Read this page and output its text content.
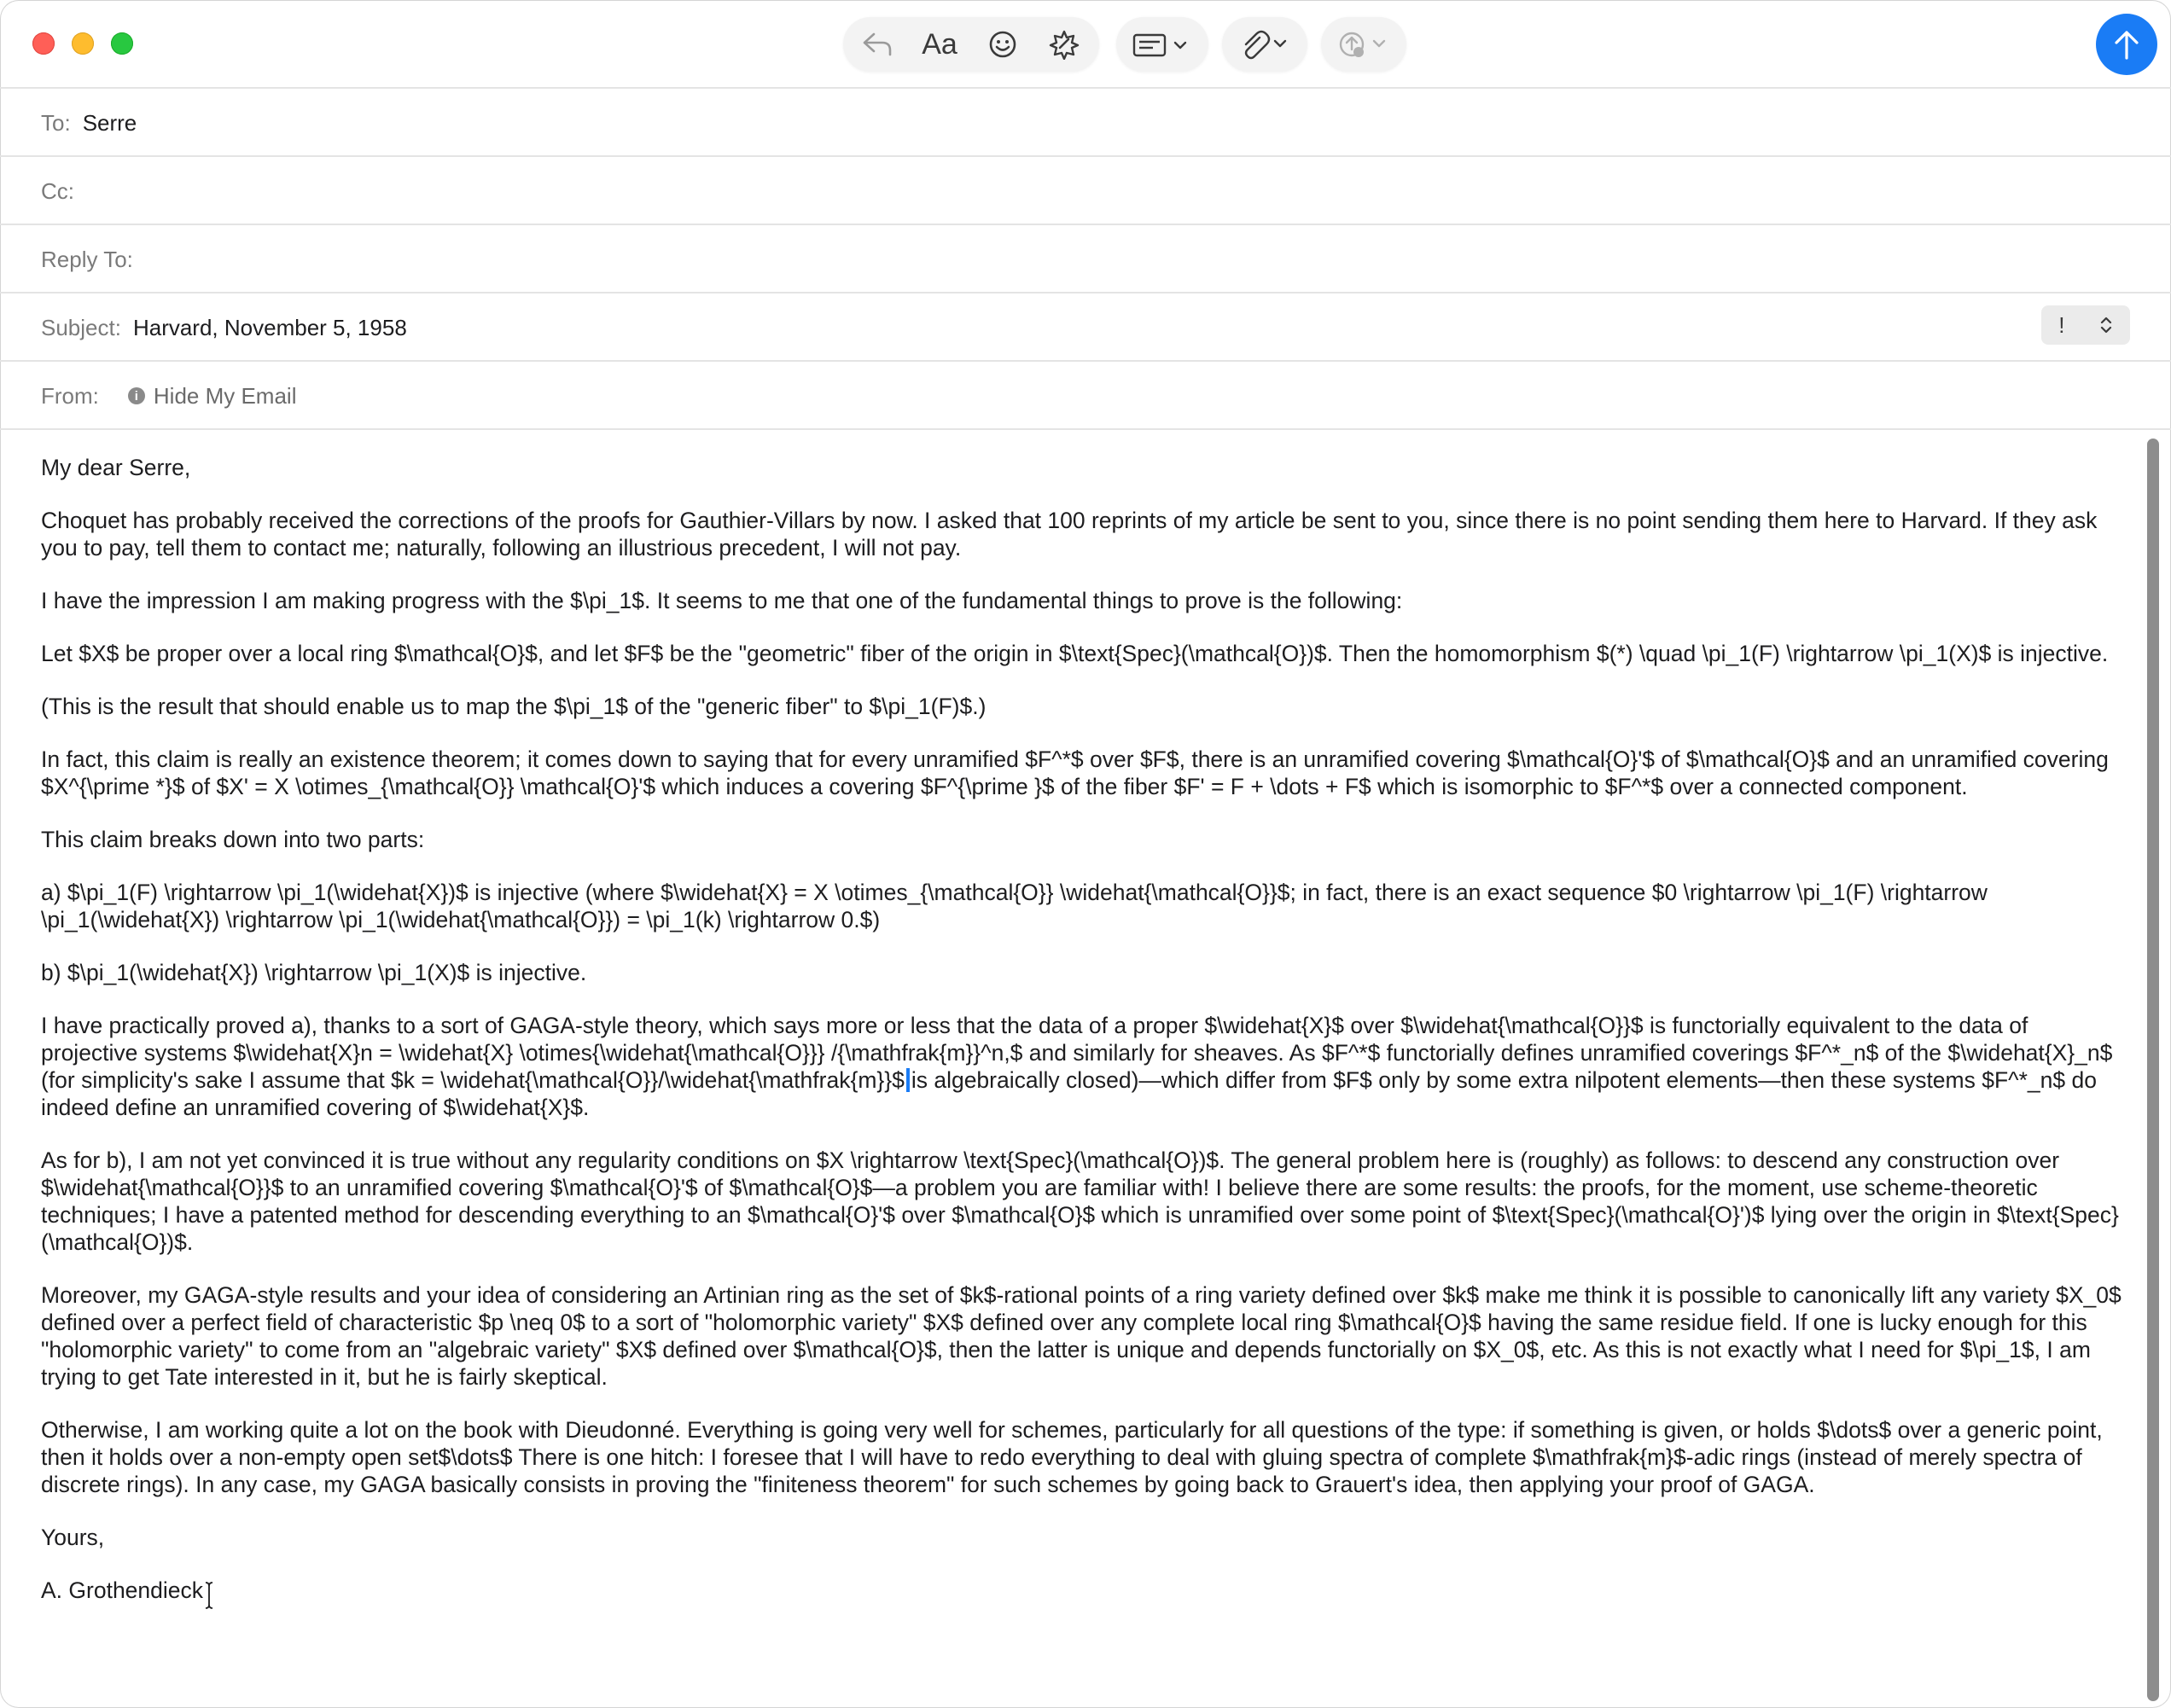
Aa
To: Serre
Cc:
Reply To:
Subject: Harvard, November 5, 1958	!
From:	i Hide My Email

My dear Serre,

Choquet has probably received the corrections of the proofs for Gauthier-Villars by now. I asked that 100 reprints of my article be sent to you, since there is no point sending them here to Harvard. If they ask you to pay, tell them to contact me; naturally, following an illustrious precedent, I will not pay.

I have the impression I am making progress with the $\pi_1$. It seems to me that one of the fundamental things to prove is the following:

Let $X$ be proper over a local ring $\mathcal{O}$, and let $F$ be the "geometric" fiber of the origin in $\text{Spec}(\mathcal{O})$. Then the homomorphism $(*) \quad \pi_1(F) \rightarrow \pi_1(X)$ is injective.

(This is the result that should enable us to map the $\pi_1$ of the "generic fiber" to $\pi_1(F)$.)

In fact, this claim is really an existence theorem; it comes down to saying that for every unramified $F^*$ over $F$, there is an unramified covering $\mathcal{O}'$ of $\mathcal{O}$ and an unramified covering $X^{\prime *}$ of $X' = X \otimes_{\mathcal{O}} \mathcal{O}'$ which induces a covering $F^{\prime }$ of the fiber $F' = F + \dots + F$ which is isomorphic to $F^*$ over a connected component.

This claim breaks down into two parts:

a) $\pi_1(F) \rightarrow \pi_1(\widehat{X})$ is injective (where $\widehat{X} = X \otimes_{\mathcal{O}} \widehat{\mathcal{O}}$; in fact, there is an exact sequence $0 \rightarrow \pi_1(F) \rightarrow \pi_1(\widehat{X}) \rightarrow \pi_1(\widehat{\mathcal{O}}) = \pi_1(k) \rightarrow 0.$)

b) $\pi_1(\widehat{X}) \rightarrow \pi_1(X)$ is injective.

I have practically proved a), thanks to a sort of GAGA-style theory, which says more or less that the data of a proper $\widehat{X}$ over $\widehat{\mathcal{O}}$ is functorially equivalent to the data of projective systems $\widehat{X}n = \widehat{X} \otimes{\widehat{\mathcal{O}}} /{\mathfrak{m}}^n,$ and similarly for sheaves. As $F^*$ functorially defines unramified coverings $F^*_n$ of the $\widehat{X}_n$ (for simplicity's sake I assume that $k = \widehat{\mathcal{O}}/\widehat{\mathfrak{m}}$ is algebraically closed)—which differ from $F$ only by some extra nilpotent elements—then these systems $F^*_n$ do indeed define an unramified covering of $\widehat{X}$.

As for b), I am not yet convinced it is true without any regularity conditions on $X \rightarrow \text{Spec}(\mathcal{O})$. The general problem here is (roughly) as follows: to descend any construction over $\widehat{\mathcal{O}}$ to an unramified covering $\mathcal{O}'$ of $\mathcal{O}$—a problem you are familiar with! I believe there are some results: the proofs, for the moment, use scheme-theoretic techniques; I have a patented method for descending everything to an $\mathcal{O}'$ over $\mathcal{O}$ which is unramified over some point of $\text{Spec}(\mathcal{O}')$ lying over the origin in $\text{Spec}(\mathcal{O})$.

Moreover, my GAGA-style results and your idea of considering an Artinian ring as the set of $k$-rational points of a ring variety defined over $k$ make me think it is possible to canonically lift any variety $X_0$ defined over a perfect field of characteristic $p \neq 0$ to a sort of "holomorphic variety" $X$ defined over any complete local ring $\mathcal{O}$ having the same residue field. If one is lucky enough for this "holomorphic variety" to come from an "algebraic variety" $X$ defined over $\mathcal{O}$, then the latter is unique and depends functorially on $X_0$, etc. As this is not exactly what I need for $\pi_1$, I am trying to get Tate interested in it, but he is fairly skeptical.

Otherwise, I am working quite a lot on the book with Dieudonné. Everything is going very well for schemes, particularly for all questions of the type: if something is given, or holds $\dots$ over a generic point, then it holds over a non-empty open set$\dots$ There is one hitch: I foresee that I will have to redo everything to deal with gluing spectra of complete $\mathfrak{m}$-adic rings (instead of merely spectra of discrete rings). In any case, my GAGA basically consists in proving the "finiteness theorem" for such schemes by going back to Grauert's idea, then applying your proof of GAGA.

Yours,

A. Grothendieck
